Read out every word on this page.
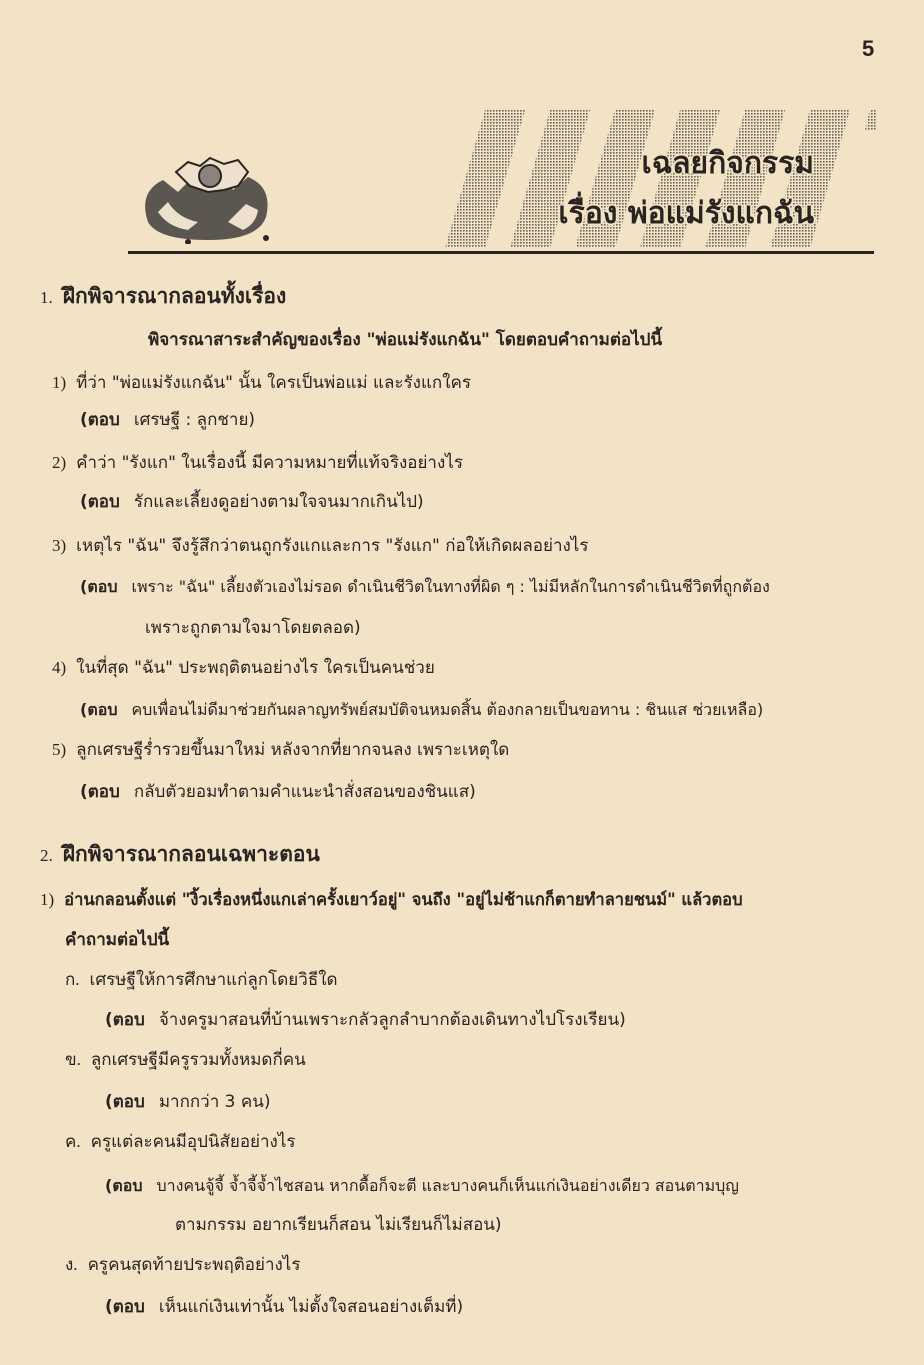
5
เฉลยกิจกรรม
เรื่อง พ่อแม่รังแกฉัน
1. ฝึกพิจารณากลอนทั้งเรื่อง
พิจารณาสาระสำคัญของเรื่อง "พ่อแม่รังแกฉัน" โดยตอบคำถามต่อไปนี้
1) ที่ว่า "พ่อแม่รังแกฉัน" นั้น ใครเป็นพ่อแม่ และรังแกใคร
(ตอบ เศรษฐี : ลูกชาย)
2) คำว่า "รังแก" ในเรื่องนี้ มีความหมายที่แท้จริงอย่างไร
(ตอบ รักและเลี้ยงดูอย่างตามใจจนมากเกินไป)
3) เหตุไร "ฉัน" จึงรู้สึกว่าตนถูกรังแกและการ "รังแก" ก่อให้เกิดผลอย่างไร
(ตอบ เพราะ "ฉัน" เลี้ยงตัวเองไม่รอด ดำเนินชีวิตในทางที่ผิด ๆ : ไม่มีหลักในการดำเนินชีวิตที่ถูกต้อง
เพราะถูกตามใจมาโดยตลอด)
4) ในที่สุด "ฉัน" ประพฤติตนอย่างไร ใครเป็นคนช่วย
(ตอบ คบเพื่อนไม่ดีมาช่วยกันผลาญทรัพย์สมบัติจนหมดสิ้น ต้องกลายเป็นขอทาน : ชินแส ช่วยเหลือ)
5) ลูกเศรษฐีร่ำรวยขึ้นมาใหม่ หลังจากที่ยากจนลง เพราะเหตุใด
(ตอบ กลับตัวยอมทำตามคำแนะนำสั่งสอนของชินแส)
2. ฝึกพิจารณากลอนเฉพาะตอน
1) อ่านกลอนตั้งแต่ "งิ้วเรื่องหนึ่งแกเล่าครั้งเยาว์อยู่" จนถึง "อยู่ไม่ช้าแกก็ตายทำลายชนม์" แล้วตอบ
คำถามต่อไปนี้
ก. เศรษฐีให้การศึกษาแก่ลูกโดยวิธีใด
(ตอบ จ้างครูมาสอนที่บ้านเพราะกลัวลูกลำบากต้องเดินทางไปโรงเรียน)
ข. ลูกเศรษฐีมีครูรวมทั้งหมดกี่คน
(ตอบ มากกว่า 3 คน)
ค. ครูแต่ละคนมีอุปนิสัยอย่างไร
(ตอบ บางคนจู้จี้ จ้ำจี้จ้ำไชสอน หากดื้อก็จะตี และบางคนก็เห็นแก่เงินอย่างเดียว สอนตามบุญ
ตามกรรม อยากเรียนก็สอน ไม่เรียนก็ไม่สอน)
ง. ครูคนสุดท้ายประพฤติอย่างไร
(ตอบ เห็นแก่เงินเท่านั้น ไม่ตั้งใจสอนอย่างเต็มที่)
